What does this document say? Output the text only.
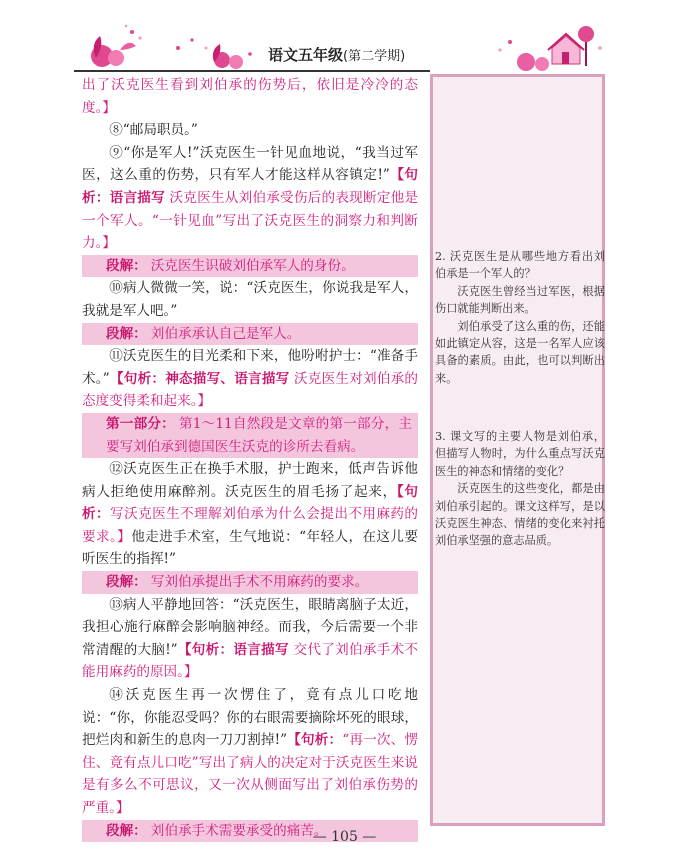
语文五年级(第二学期)

出了沃克医生看到刘伯承的伤势后，依旧是冷冷的态度。】

⑧“邮局职员。”

⑨“你是军人!”沃克医生一针见血地说，“我当过军医，这么重的伤势，只有军人才能这样从容镇定!”【句析：语言描写 沃克医生从刘伯承受伤后的表现断定他是一个军人。“一针见血”写出了沃克医生的洞察力和判断力。】

段解： 沃克医生识破刘伯承军人的身份。

⑩病人微微一笑，说：“沃克医生，你说我是军人，我就是军人吧。”

段解： 刘伯承承认自己是军人。

⑪沃克医生的目光柔和下来，他吩咐护士：“准备手术。”【句析：神态描写、语言描写 沃克医生对刘伯承的态度变得柔和起来。】

第一部分： 第1～11自然段是文章的第一部分，主要写刘伯承到德国医生沃克的诊所去看病。

⑫沃克医生正在换手术服，护士跑来，低声告诉他病人拒绝使用麻醉剂。沃克医生的眉毛扬了起来，【句析：写沃克医生不理解刘伯承为什么会提出不用麻药的要求。】他走进手术室，生气地说：“年轻人，在这儿要听医生的指挥!”

段解： 写刘伯承提出手术不用麻药的要求。

⑬病人平静地回答：“沃克医生，眼睛离脑子太近，我担心施行麻醉会影响脑神经。而我，今后需要一个非常清醒的大脑!”【句析：语言描写 交代了刘伯承手术不能用麻药的原因。】

⑭沃克医生再一次愣住了，竟有点儿口吃地说：“你，你能忍受吗？你的右眼需要摘除坏死的眼球，把烂肉和新生的息肉一刀刀割掉!”【句析：“再一次、愣住、竟有点儿口吃”写出了病人的决定对于沃克医生来说是有多么不可思议，又一次从侧面写出了刘伯承伤势的严重。】

段解： 刘伯承手术需要承受的痛苦。

2. 沃克医生是从哪些地方看出刘伯承是一个军人的？

沃克医生曾经当过军医，根据伤口就能判断出来。

刘伯承受了这么重的伤，还能如此镇定从容，这是一名军人应该具备的素质。由此，也可以判断出来。

3. 课文写的主要人物是刘伯承，但描写人物时，为什么重点写沃克医生的神态和情绪的变化？

沃克医生的这些变化，都是由刘伯承引起的。课文这样写，是以沃克医生神态、情绪的变化来衬托刘伯承坚强的意志品质。

— 105 —
